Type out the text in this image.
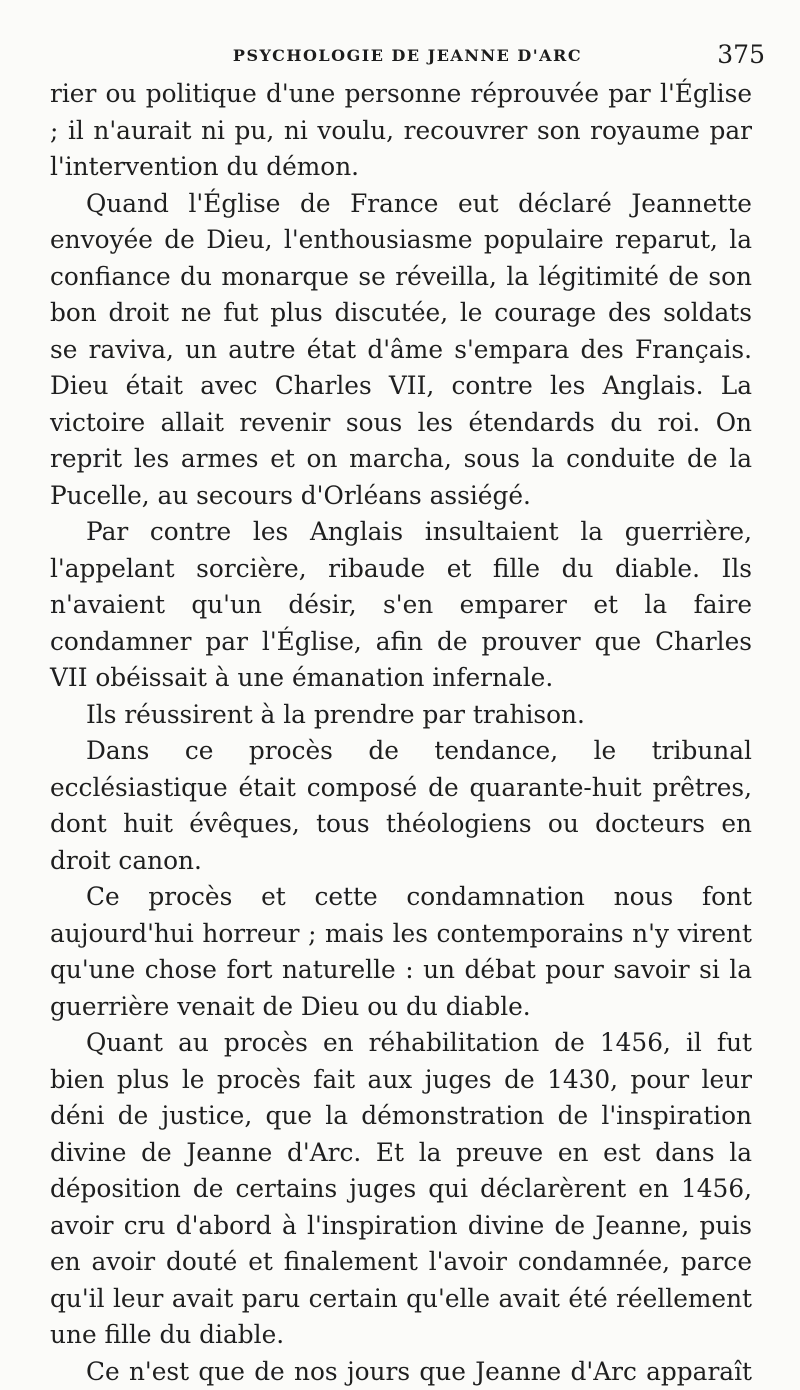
PSYCHOLOGIE DE JEANNE D'ARC	375

rier ou politique d'une personne réprouvée par l'Église ; il n'aurait ni pu, ni voulu, recouvrer son royaume par l'intervention du démon.

Quand l'Église de France eut déclaré Jeannette envoyée de Dieu, l'enthousiasme populaire reparut, la confiance du monarque se réveilla, la légitimité de son bon droit ne fut plus discutée, le courage des soldats se raviva, un autre état d'âme s'empara des Français. Dieu était avec Charles VII, contre les Anglais. La victoire allait revenir sous les étendards du roi. On reprit les armes et on marcha, sous la conduite de la Pucelle, au secours d'Orléans assiégé.

Par contre les Anglais insultaient la guerrière, l'appelant sorcière, ribaude et fille du diable. Ils n'avaient qu'un désir, s'en emparer et la faire condamner par l'Église, afin de prouver que Charles VII obéissait à une émanation infernale.

Ils réussirent à la prendre par trahison.

Dans ce procès de tendance, le tribunal ecclésiastique était composé de quarante-huit prêtres, dont huit évêques, tous théologiens ou docteurs en droit canon.

Ce procès et cette condamnation nous font aujourd'hui horreur ; mais les contemporains n'y virent qu'une chose fort naturelle : un débat pour savoir si la guerrière venait de Dieu ou du diable.

Quant au procès en réhabilitation de 1456, il fut bien plus le procès fait aux juges de 1430, pour leur déni de justice, que la démonstration de l'inspiration divine de Jeanne d'Arc. Et la preuve en est dans la déposition de certains juges qui déclarèrent en 1456, avoir cru d'abord à l'inspiration divine de Jeanne, puis en avoir douté et finalement l'avoir condamnée, parce qu'il leur avait paru certain qu'elle avait été réellement une fille du diable.

Ce n'est que de nos jours que Jeanne d'Arc apparaît
